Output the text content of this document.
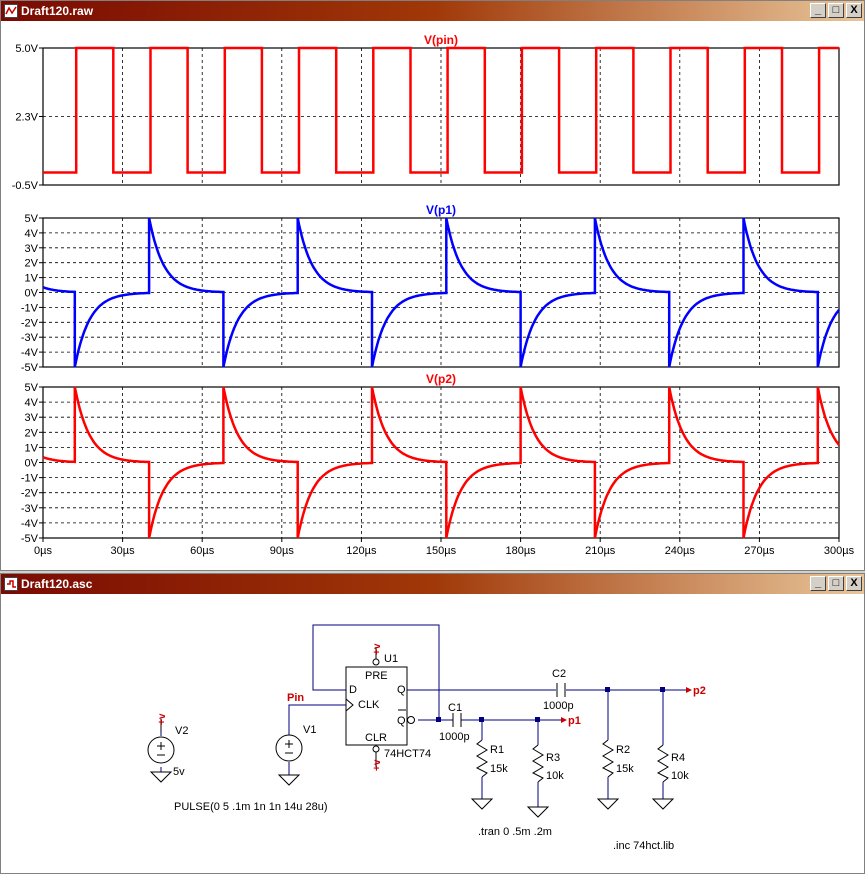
Draft120.raw	_	□	X
5.0V
2.3V
-0.5V
V(pin)
5V
4V
3V
2V
1V
0V
-1V
-2V
-3V
-4V
-5V
V(p1)
5V
4V
3V
2V
1V
0V
-1V
-2V
-3V
-4V
-5V
V(p2)
0µs	30µs	60µs	90µs	120µs	150µs	180µs	210µs	240µs	270µs	300µs
Draft120.asc	_	□	X
U1
PRE
D
CLK
Q
Q
CLR
74HCT74
+v
+v
C1
1000p
C2
1000p
R1
15k
R3
10k
R2
15k
R4
10k
V1
PULSE(0 5 .1m 1n 1n 14u 28u)
+v
V2
5v
Pin
p1
p2
.tran 0 .5m .2m
.inc 74hct.lib
